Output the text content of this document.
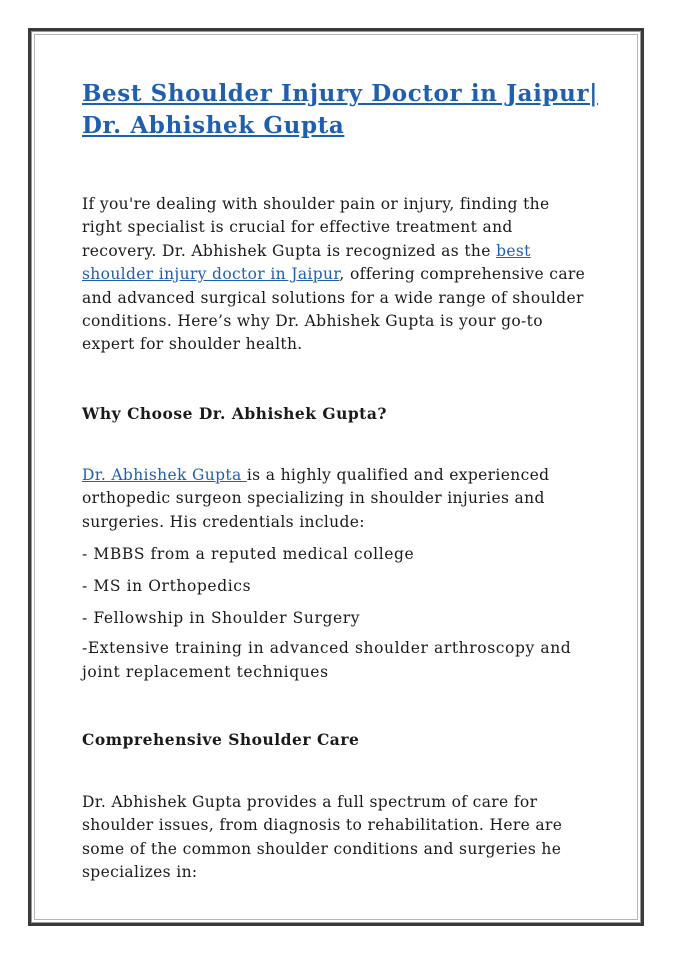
Best Shoulder Injury Doctor in Jaipur| Dr. Abhishek Gupta

If you're dealing with shoulder pain or injury, finding the right specialist is crucial for effective treatment and recovery. Dr. Abhishek Gupta is recognized as the best shoulder injury doctor in Jaipur, offering comprehensive care and advanced surgical solutions for a wide range of shoulder conditions. Here’s why Dr. Abhishek Gupta is your go-to expert for shoulder health.

Why Choose Dr. Abhishek Gupta?

Dr. Abhishek Gupta is a highly qualified and experienced orthopedic surgeon specializing in shoulder injuries and surgeries. His credentials include:

- MBBS from a reputed medical college

- MS in Orthopedics

- Fellowship in Shoulder Surgery

-Extensive training in advanced shoulder arthroscopy and joint replacement techniques

Comprehensive Shoulder Care

Dr. Abhishek Gupta provides a full spectrum of care for shoulder issues, from diagnosis to rehabilitation. Here are some of the common shoulder conditions and surgeries he specializes in:
